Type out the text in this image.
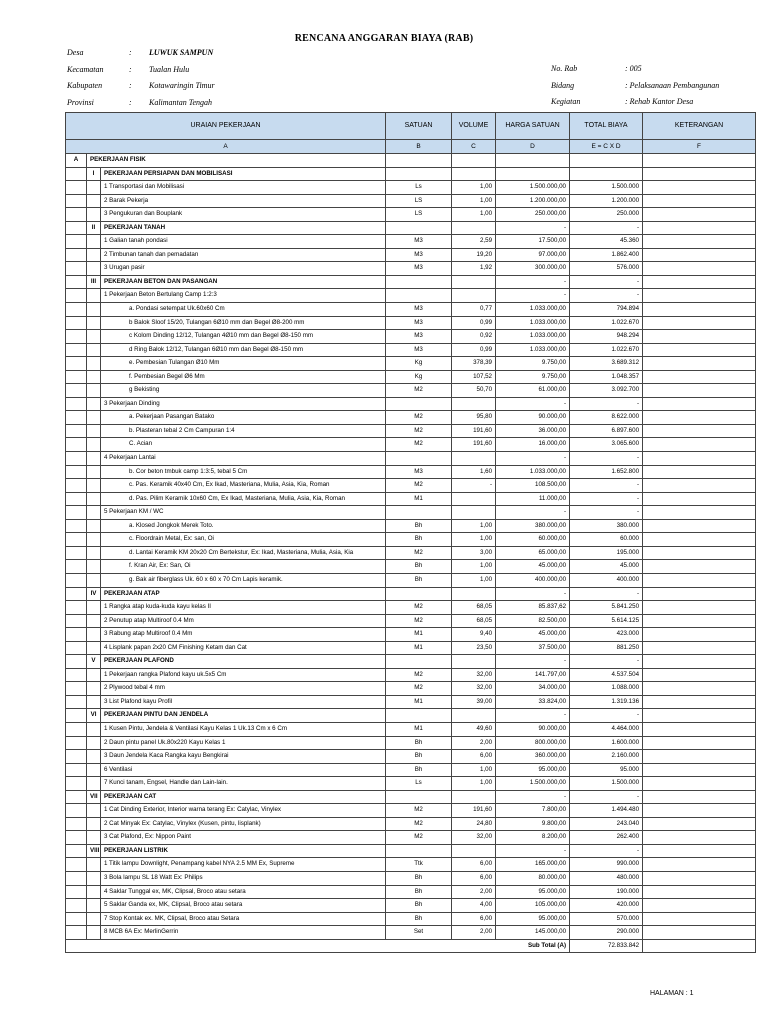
RENCANA ANGGARAN BIAYA (RAB)
Desa	: LUWUK SAMPUN
Kecamatan	: Tualan Hulu
Kabupaten	: Kotawaringin Timur
Provinsi	: Kalimantan Tengah
No. Rab	: 005
Bidang	: Pelaksanaan Pembangunan
Kegiatan	: Rehab Kantor Desa
URAIAN PEKERJAAN			SATUAN	VOLUME	HARGA SATUAN	TOTAL BIAYA	KETERANGAN
A			B	C	D	E = C X D	F
A	PEKERJAAN FISIK						
	I	PEKERJAAN PERSIAPAN DAN MOBILISASI					
		1 Transportasi dan Mobilisasi	Ls	1,00	1.500.000,00	1.500.000	
		2 Barak Pekerja	LS	1,00	1.200.000,00	1.200.000	
		3 Pengukuran dan Bouplank	LS	1,00	250.000,00	250.000	
	II	PEKERJAAN TANAH			-	-	
		1 Galian tanah pondasi	M3	2,59	17.500,00	45.360	
		2 Timbunan tanah dan pemadatan	M3	19,20	97.000,00	1.862.400	
		3 Urugan pasir	M3	1,92	300.000,00	576.000	
	III	PEKERJAAN BETON DAN PASANGAN			-	-	
		1 Pekerjaan Beton Bertulang Camp 1:2:3			-	-	
		a. Pondasi setempat Uk.60x60 Cm	M3	0,77	1.033.000,00	794.894	
		b Balok Sloof 15/20, Tulangan 6Ø10 mm dan Begel Ø8-200 mm	M3	0,99	1.033.000,00	1.022.670	
		c Kolom Dinding 12/12, Tulangan 4Ø10 mm dan Begel Ø8-150 mm	M3	0,92	1.033.000,00	948.294	
		d Ring Balok 12/12, Tulangan 6Ø10 mm dan Begel Ø8-150 mm	M3	0,99	1.033.000,00	1.022.670	
		e. Pembesian Tulangan Ø10 Mm	Kg	378,39	9.750,00	3.689.312	
		f. Pembesian Begel Ø6 Mm	Kg	107,52	9.750,00	1.048.357	
		g Bekisting	M2	50,70	61.000,00	3.092.700	
		3 Pekerjaan Dinding			-	-	
		a. Pekerjaan Pasangan Batako	M2	95,80	90.000,00	8.622.000	
		b. Plasteran tebal 2 Cm Campuran 1:4	M2	191,60	36.000,00	6.897.600	
		C. Acian	M2	191,60	16.000,00	3.065.600	
		4 Pekerjaan Lantai			-	-	
		b. Cor beton tmbuk camp 1:3:5, tebal 5 Cm	M3	1,60	1.033.000,00	1.652.800	
		c. Pas. Keramik 40x40 Cm, Ex Ikad, Masteriana, Mulia, Asia, Kia, Roman	M2	-	108.500,00	-	
		d. Pas. Pilim Keramik 10x60 Cm, Ex Ikad, Masteriana, Mulia, Asia, Kia, Roman	M1		11.000,00	-	
		5 Pekerjaan KM / WC			-	-	
		a. Klosed Jongkok Merek Toto.	Bh	1,00	380.000,00	380.000	
		c. Floordrain Metal, Ex: san, Oi	Bh	1,00	60.000,00	60.000	
		d. Lantai Keramik KM 20x20 Cm Bertekstur, Ex: Ikad, Masteriana, Mulia, Asia, Kia	M2	3,00	65.000,00	195.000	
		f. Kran Air, Ex: San, Oi	Bh	1,00	45.000,00	45.000	
		g. Bak air fiberglass Uk. 60 x 60 x 70 Cm Lapis keramik.	Bh	1,00	400.000,00	400.000	
	IV	PEKERJAAN ATAP			-	-	
		1 Rangka atap kuda-kuda kayu kelas II	M2	68,05	85.837,62	5.841.250	
		2 Penutup atap Multiroof 0.4 Mm	M2	68,05	82.500,00	5.614.125	
		3 Rabung atap Multiroof 0.4 Mm	M1	9,40	45.000,00	423.000	
		4 Lisplank papan 2x20 CM Finishing Ketam dan Cat	M1	23,50	37.500,00	881.250	
	V	PEKERJAAN PLAFOND			-	-	
		1 Pekerjaan rangka Plafond kayu uk.5x5 Cm	M2	32,00	141.797,00	4.537.504	
		2 Plywood tebal 4 mm	M2	32,00	34.000,00	1.088.000	
		3 List Plafond kayu Profil	M1	39,00	33.824,00	1.319.136	
	VI	PEKERJAAN PINTU DAN JENDELA			-	-	
		1 Kusen Pintu, Jendela & Ventilasi Kayu Kelas 1 Uk.13 Cm x 6 Cm	M1	49,60	90.000,00	4.464.000	
		2 Daun pintu panel Uk.80x220 Kayu Kelas 1	Bh	2,00	800.000,00	1.600.000	
		3 Daun Jendela Kaca Rangka kayu Bengkirai	Bh	6,00	360.000,00	2.160.000	
		6 Ventilasi	Bh	1,00	95.000,00	95.000	
		7 Kunci tanam, Engsel, Handle dan Lain-lain.	Ls	1,00	1.500.000,00	1.500.000	
	VII	PEKERJAAN CAT			-	-	
		1 Cat Dinding Exterior, Interior warna terang Ex: Catylac, Vinylex	M2	191,60	7.800,00	1.494.480	
		2 Cat Minyak Ex: Catylac, Vinylex (Kusen, pintu, lisplank)	M2	24,80	9.800,00	243.040	
		3 Cat Plafond, Ex: Nippon Paint	M2	32,00	8.200,00	262.400	
	VIII	PEKERJAAN LISTRIK			-	-	
		1 Titik lampu Downlight, Penampang kabel NYA 2.5 MM Ex, Supreme	Ttk	6,00	165.000,00	990.000	
		3 Bola lampu SL 18 Watt Ex: Philips	Bh	6,00	80.000,00	480.000	
		4 Saklar Tunggal ex, MK, Clipsal, Broco atau setara	Bh	2,00	95.000,00	190.000	
		5 Saklar Ganda ex, MK, Clipsal, Broco atau setara	Bh	4,00	105.000,00	420.000	
		7 Stop Kontak ex. MK, Clipsal, Broco atau Setara	Bh	6,00	95.000,00	570.000	
		8 MCB 6A Ex: MerlinGerrin	Set	2,00	145.000,00	290.000	
Sub Total (A)						72.833.842	
HALAMAN : 1
